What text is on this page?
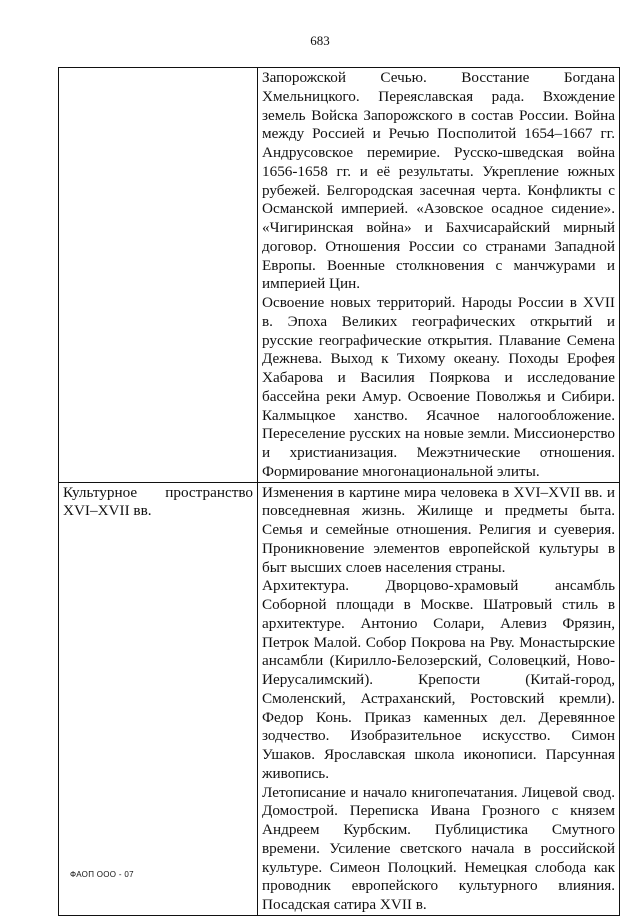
683

	Запорожской Сечью. Восстание Богдана Хмельницкого. Переяславская рада. Вхождение земель Войска Запорожского в состав России. Война между Россией и Речью Посполитой 1654–1667 гг. Андрусовское перемирие. Русско-шведская война 1656-1658 гг. и её результаты. Укрепление южных рубежей. Белгородская засечная черта. Конфликты с Османской империей. «Азовское осадное сидение». «Чигиринская война» и Бахчисарайский мирный договор. Отношения России со странами Западной Европы. Военные столкновения с манчжурами и империей Цин.

Освоение новых территорий. Народы России в XVII в. Эпоха Великих географических открытий и русские географические открытия. Плавание Семена Дежнева. Выход к Тихому океану. Походы Ерофея Хабарова и Василия Пояркова и исследование бассейна реки Амур. Освоение Поволжья и Сибири. Калмыцкое ханство. Ясачное налогообложение. Переселение русских на новые земли. Миссионерство и христианизация. Межэтнические отношения. Формирование многонациональной элиты.

Культурное пространство XVI–XVII вв.	Изменения в картине мира человека в XVI–XVII вв. и повседневная жизнь. Жилище и предметы быта. Семья и семейные отношения. Религия и суеверия. Проникновение элементов европейской культуры в быт высших слоев населения страны.

Архитектура. Дворцово-храмовый ансамбль Соборной площади в Москве. Шатровый стиль в архитектуре. Антонио Солари, Алевиз Фрязин, Петрок Малой. Собор Покрова на Рву. Монастырские ансамбли (Кирилло-Белозерский, Соловецкий, Ново-Иерусалимский). Крепости (Китай-город, Смоленский, Астраханский, Ростовский кремли). Федор Конь. Приказ каменных дел. Деревянное зодчество. Изобразительное искусство. Симон Ушаков. Ярославская школа иконописи. Парсунная живопись.

Летописание и начало книгопечатания. Лицевой свод. Домострой. Переписка Ивана Грозного с князем Андреем Курбским. Публицистика Смутного времени. Усиление светского начала в российской культуре. Симеон Полоцкий. Немецкая слобода как проводник европейского культурного влияния. Посадская сатира XVII в.

ФАОП ООО - 07
